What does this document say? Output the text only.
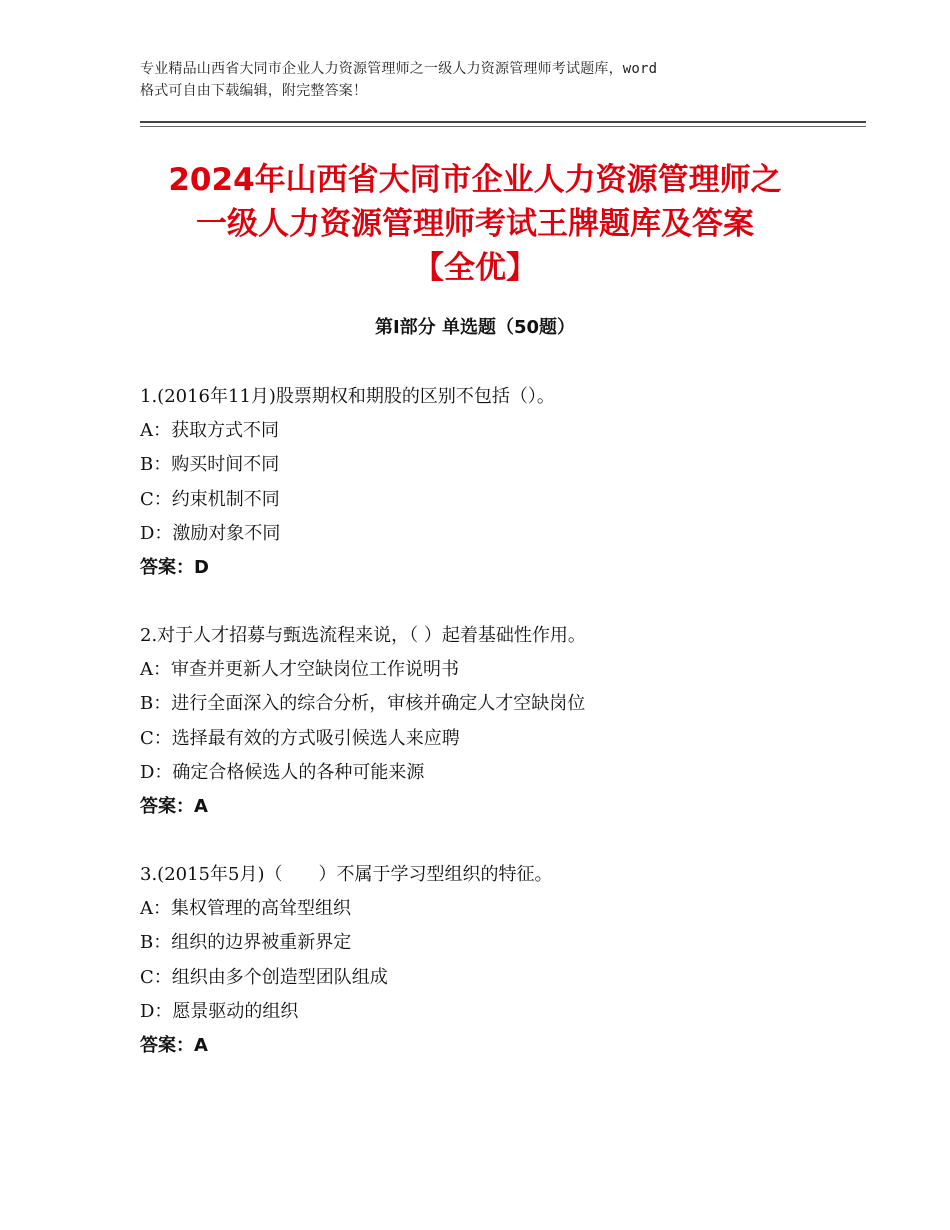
专业精品山西省大同市企业人力资源管理师之一级人力资源管理师考试题库，word
格式可自由下载编辑，附完整答案！
2024年山西省大同市企业人力资源管理师之
一级人力资源管理师考试王牌题库及答案
【全优】
第Ⅰ部分 单选题（50题）
1.(2016年11月)股票期权和期股的区别不包括（）。
A：获取方式不同
B：购买时间不同
C：约束机制不同
D：激励对象不同
答案：D
2.对于人才招募与甄选流程来说，（ ）起着基础性作用。
A：审查并更新人才空缺岗位工作说明书
B：进行全面深入的综合分析，审核并确定人才空缺岗位
C：选择最有效的方式吸引候选人来应聘
D：确定合格候选人的各种可能来源
答案：A
3.(2015年5月)（　　）不属于学习型组织的特征。
A：集权管理的高耸型组织
B：组织的边界被重新界定
C：组织由多个创造型团队组成
D：愿景驱动的组织
答案：A
